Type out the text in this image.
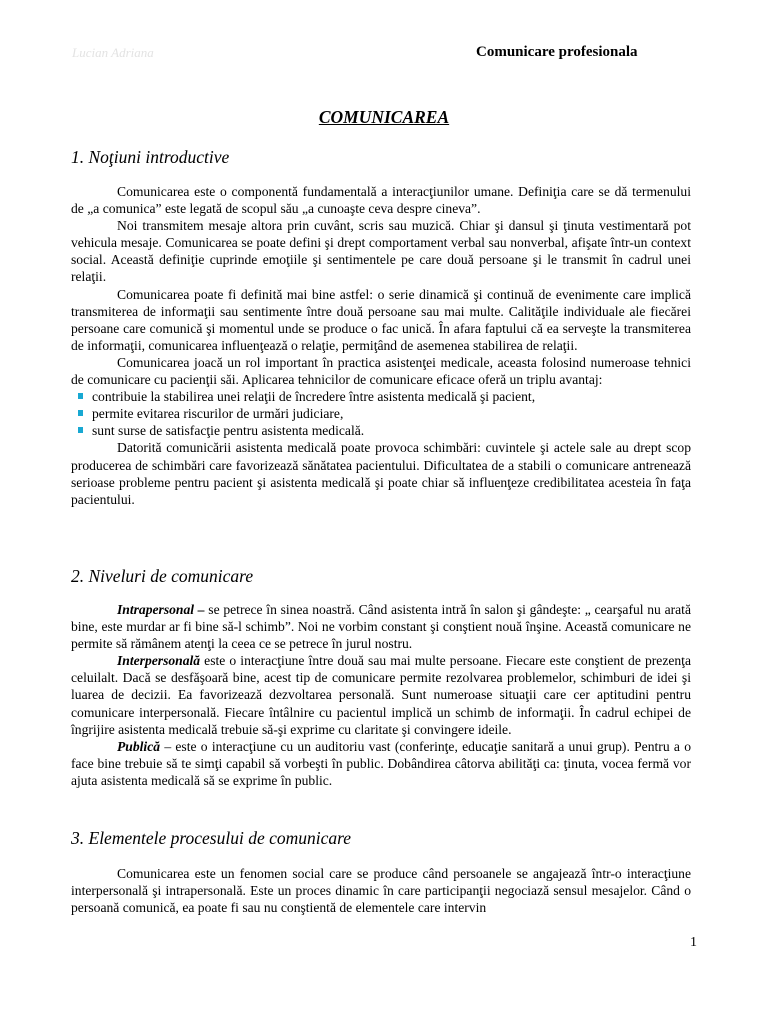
Lucian Adriana	Comunicare profesionala
COMUNICAREA
1. Noţiuni introductive

Comunicarea este o componentă fundamentală a interacţiunilor umane. Definiţia care se dă termenului de „a comunica” este legată de scopul său „a cunoaşte ceva despre cineva”.

Noi transmitem mesaje altora prin cuvânt, scris sau muzică. Chiar şi dansul şi ţinuta vestimentară pot vehicula mesaje. Comunicarea se poate defini şi drept comportament verbal sau nonverbal, afişate într-un context social. Această definiţie cuprinde emoţiile şi sentimentele pe care două persoane şi le transmit în cadrul unei relaţii.

Comunicarea poate fi definită mai bine astfel: o serie dinamică şi continuă de evenimente care implică transmiterea de informaţii sau sentimente între două persoane sau mai multe. Calităţile individuale ale fiecărei persoane care comunică şi momentul unde se produce o fac unică. În afara faptului că ea serveşte la transmiterea de informaţii, comunicarea influenţează o relaţie, permiţând de asemenea stabilirea de relaţii.

Comunicarea joacă un rol important în practica asistenţei medicale, aceasta folosind numeroase tehnici de comunicare cu pacienţii săi. Aplicarea tehnicilor de comunicare eficace oferă un triplu avantaj:

contribuie la stabilirea unei relaţii de încredere între asistenta medicală şi pacient,
permite evitarea riscurilor de urmări judiciare,
sunt surse de satisfacţie pentru asistenta medicală.

Datorită comunicării asistenta medicală poate provoca schimbări: cuvintele şi actele sale au drept scop producerea de schimbări care favorizează sănătatea pacientului. Dificultatea de a stabili o comunicare antrenează serioase probleme pentru pacient şi asistenta medicală şi poate chiar să influenţeze credibilitatea acesteia în faţa pacientului.

2. Niveluri de comunicare

Intrapersonal – se petrece în sinea noastră. Când asistenta intră în salon şi gândeşte: „ cearşaful nu arată bine, este murdar ar fi bine să-l schimb”. Noi ne vorbim constant şi conştient nouă înşine. Această comunicare ne permite să rămânem atenţi la ceea ce se petrece în jurul nostru.

Interpersonală este o interacţiune între două sau mai multe persoane. Fiecare este conştient de prezenţa celuilalt. Dacă se desfăşoară bine, acest tip de comunicare permite rezolvarea problemelor, schimburi de idei şi luarea de decizii. Ea favorizează dezvoltarea personală. Sunt numeroase situaţii care cer aptitudini pentru comunicare interpersonală. Fiecare întâlnire cu pacientul implică un schimb de informaţii. În cadrul echipei de îngrijire asistenta medicală trebuie să-şi exprime cu claritate şi convingere ideile.

Publică – este o interacţiune cu un auditoriu vast (conferinţe, educaţie sanitară a unui grup). Pentru a o face bine trebuie să te simţi capabil să vorbeşti în public. Dobândirea câtorva abilităţi ca: ţinuta, vocea fermă vor ajuta asistenta medicală să se exprime în public.

3. Elementele procesului de comunicare

Comunicarea este un fenomen social care se produce când persoanele se angajează într-o interacţiune interpersonală şi intrapersonală. Este un proces dinamic în care participanţii negociază sensul mesajelor. Când o persoană comunică, ea poate fi sau nu conştientă de elementele care intervin

1
